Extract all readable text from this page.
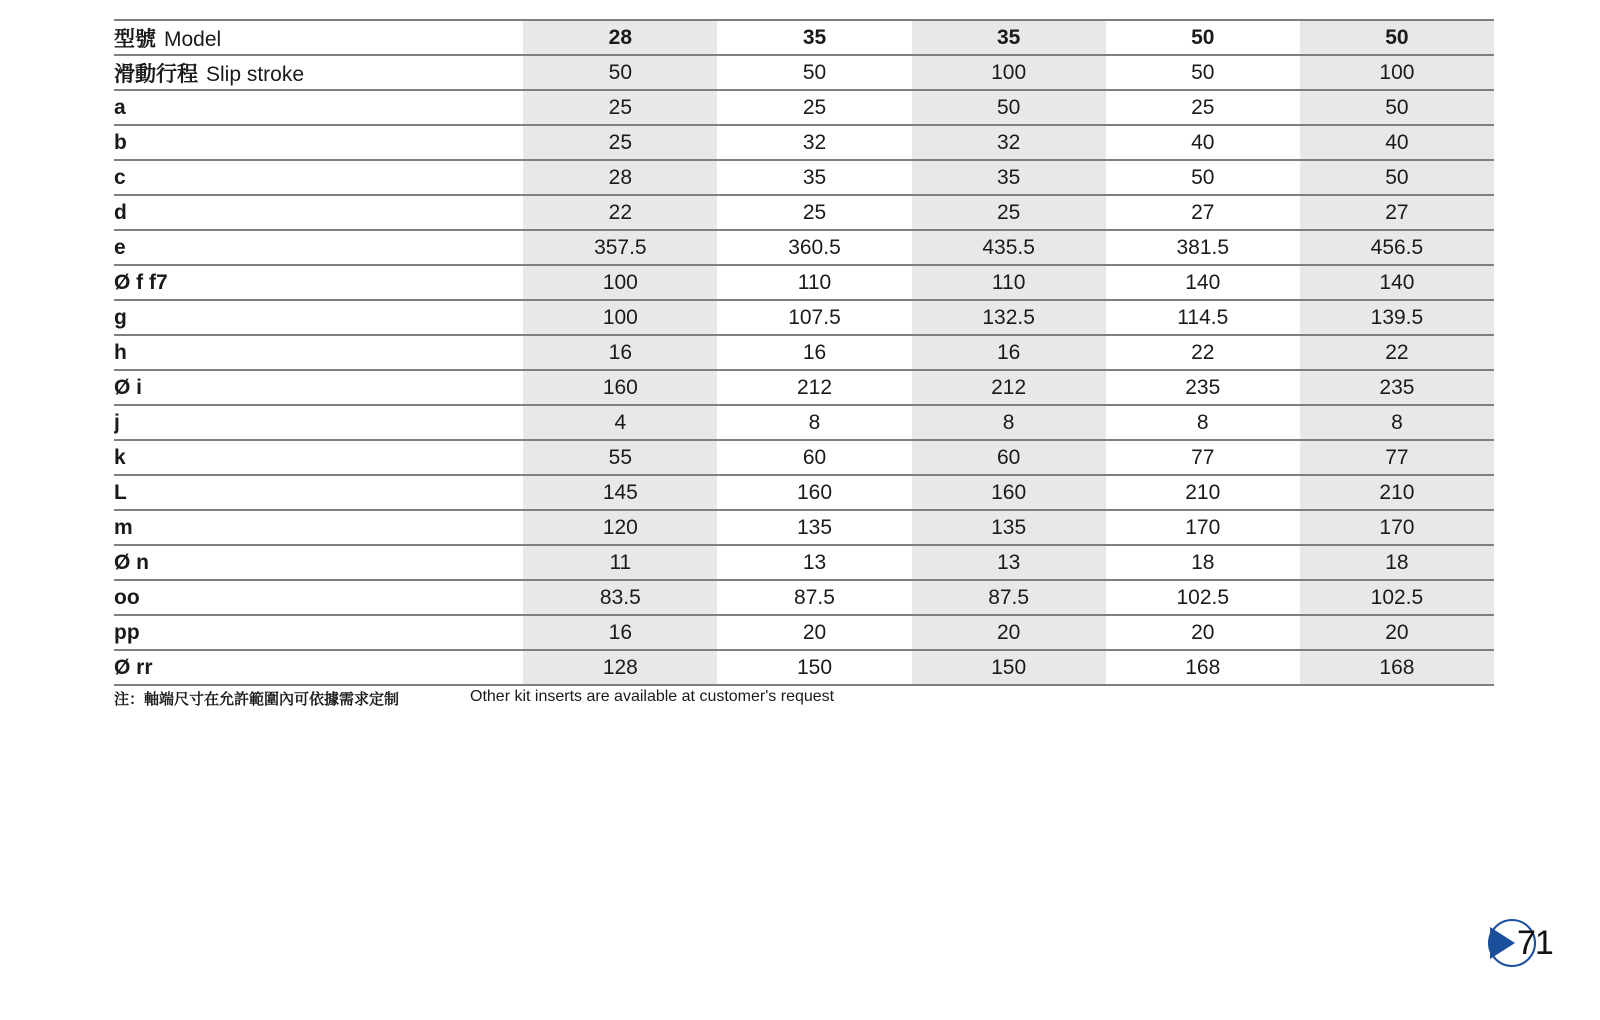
型號 Model	28	35	35	50	50
滑動行程 Slip stroke	50	50	100	50	100
a	25	25	50	25	50
b	25	32	32	40	40
c	28	35	35	50	50
d	22	25	25	27	27
e	357.5	360.5	435.5	381.5	456.5
Ø f f7	100	110	110	140	140
g	100	107.5	132.5	114.5	139.5
h	16	16	16	22	22
Ø i	160	212	212	235	235
j	4	8	8	8	8
k	55	60	60	77	77
L	145	160	160	210	210
m	120	135	135	170	170
Ø n	11	13	13	18	18
oo	83.5	87.5	87.5	102.5	102.5
pp	16	20	20	20	20
Ø rr	128	150	150	168	168
注：軸端尺寸在允許範圍內可依據需求定制	Other kit inserts are available at customer's request
71
